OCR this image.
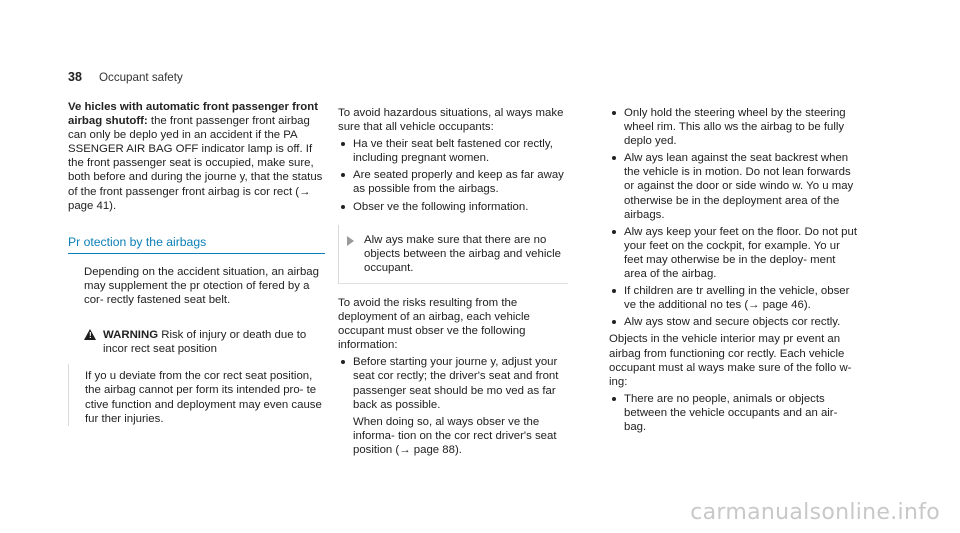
38 Occupant safety

Ve hicles with automatic front passenger front airbag shutoff: the front passenger front airbag can only be deplo yed in an accident if the PA SSENGER AIR BAG OFF indicator lamp is off. If the front passenger seat is occupied, make sure, both before and during the journe y, that the status of the front passenger front airbag is cor rect (→ page 41).

Pr otection by the airbags

Depending on the accident situation, an airbag may supplement the pr otection of fered by a cor‐ rectly fastened seat belt.

! WARNING Risk of injury or death due to incor rect seat position
If yo u deviate from the cor rect seat position, the airbag cannot per form its intended pro‐ te ctive function and deployment may even cause fur ther injuries.

To avoid hazardous situations, al ways make sure that all vehicle occupants:

Ha ve their seat belt fastened cor rectly, including pregnant women.
Are seated properly and keep as far away as possible from the airbags.
Obser ve the following information.
Alw ays make sure that there are no objects between the airbag and vehicle occupant.

To avoid the risks resulting from the deployment of an airbag, each vehicle occupant must obser ve the following information:

Before starting your journe y, adjust your seat cor rectly; the driver's seat and front passenger seat should be mo ved as far back as possible.
When doing so, al ways obser ve the informa‐ tion on the cor rect driver's seat position (→ page 88).
Only hold the steering wheel by the steering wheel rim. This allo ws the airbag to be fully deplo yed.
Alw ays lean against the seat backrest when the vehicle is in motion. Do not lean forwards or against the door or side windo w. Yo u may otherwise be in the deployment area of the airbags.
Alw ays keep your feet on the floor. Do not put your feet on the cockpit, for example. Yo ur feet may otherwise be in the deploy‐ ment area of the airbag.
If children are tr avelling in the vehicle, obser ve the additional no tes (→ page 46).
Alw ays stow and secure objects cor rectly.

Objects in the vehicle interior may pr event an airbag from functioning cor rectly. Each vehicle occupant must al ways make sure of the follo w‐ ing:

There are no people, animals or objects between the vehicle occupants and an air‐ bag.
carmanualsonline.info
